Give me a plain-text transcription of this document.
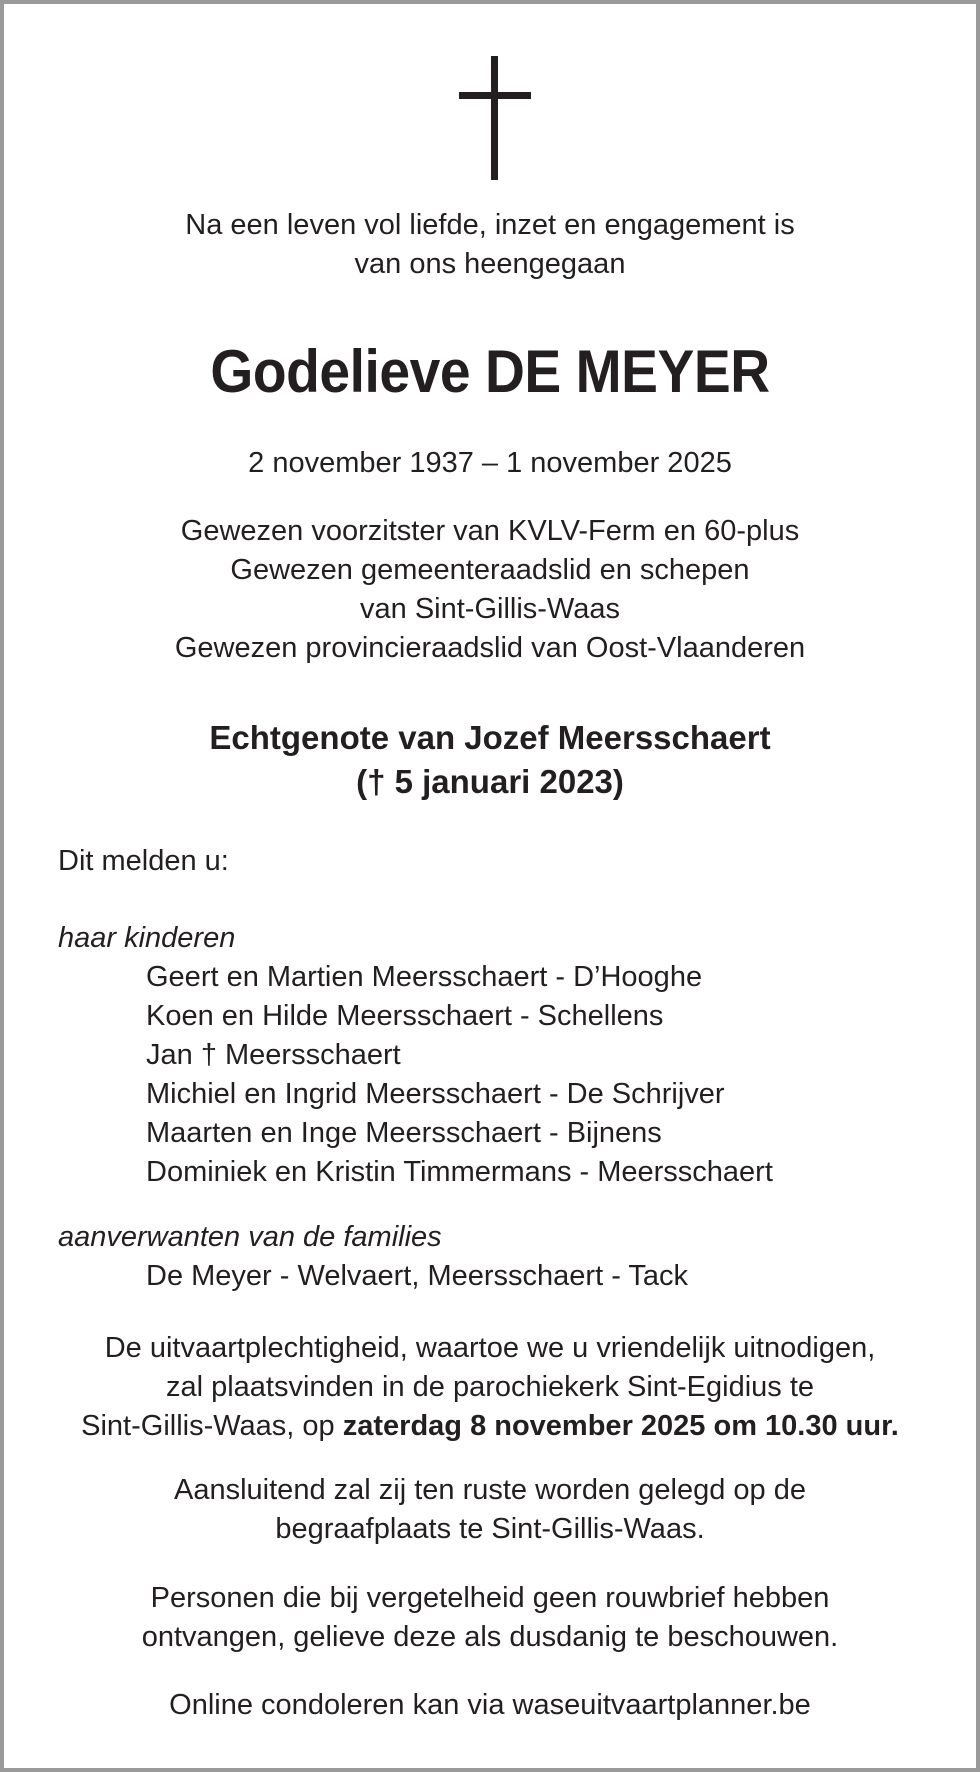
Na een leven vol liefde, inzet en engagement is
van ons heengegaan

Godelieve DE MEYER

2 november 1937 – 1 november 2025

Gewezen voorzitster van KVLV-Ferm en 60-plus
Gewezen gemeenteraadslid en schepen
van Sint-Gillis-Waas
Gewezen provincieraadslid van Oost-Vlaanderen

Echtgenote van Jozef Meersschaert
(† 5 januari 2023)

Dit melden u:

haar kinderen

Geert en Martien Meersschaert - D’Hooghe
Koen en Hilde Meersschaert - Schellens
Jan † Meersschaert
Michiel en Ingrid Meersschaert - De Schrijver
Maarten en Inge Meersschaert - Bijnens
Dominiek en Kristin Timmermans - Meersschaert

aanverwanten van de families

De Meyer - Welvaert, Meersschaert - Tack

De uitvaartplechtigheid, waartoe we u vriendelijk uitnodigen,
zal plaatsvinden in de parochiekerk Sint-Egidius te
Sint-Gillis-Waas, op zaterdag 8 november 2025 om 10.30 uur.

Aansluitend zal zij ten ruste worden gelegd op de
begraafplaats te Sint-Gillis-Waas.

Personen die bij vergetelheid geen rouwbrief hebben
ontvangen, gelieve deze als dusdanig te beschouwen.

Online condoleren kan via waseuitvaartplanner.be
